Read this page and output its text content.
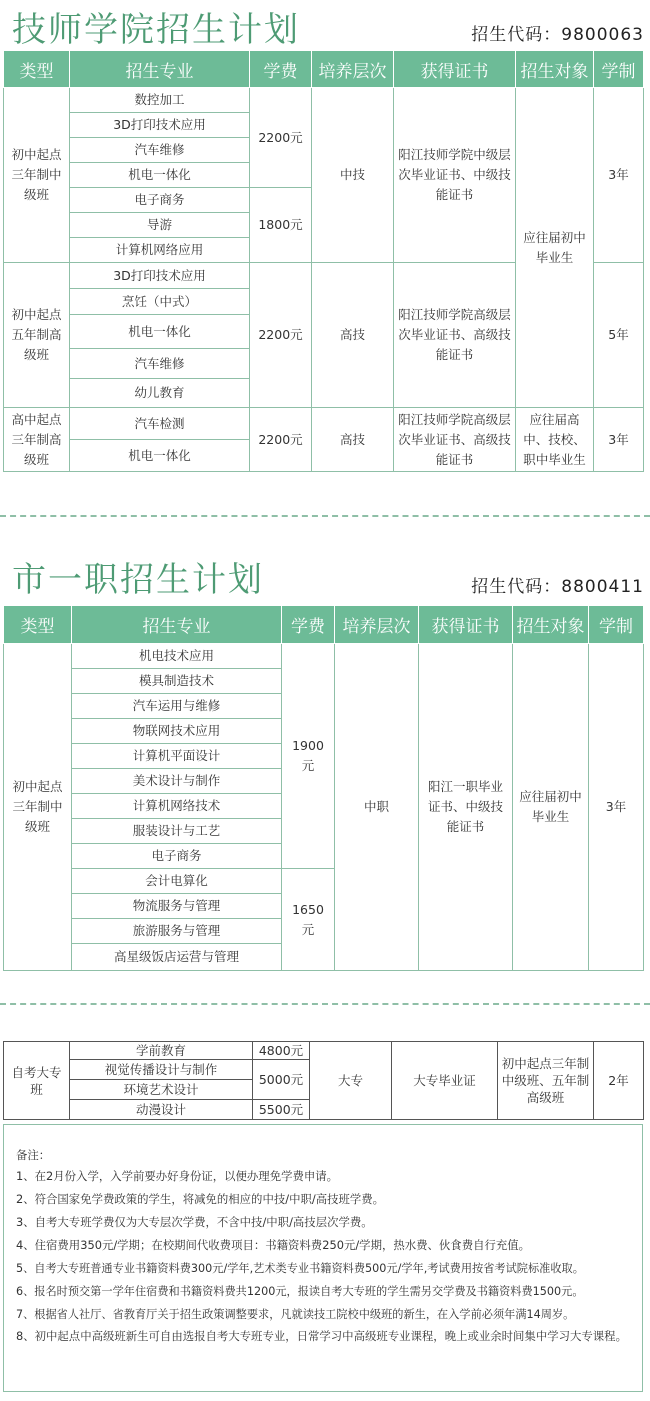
技师学院招生计划	招生代码：9800063
类型	招生专业	学费	培养层次	获得证书	招生对象	学制
初中起点三年制中级班	数控加工	2200元	中技	阳江技师学院中级层次毕业证书、中级技能证书	应往届初中毕业生	3年
	3D打印技术应用					
	汽车维修					
	机电一体化					
	电子商务	1800元				
	导游					
	计算机网络应用					
初中起点五年制高级班	3D打印技术应用	2200元	高技	阳江技师学院高级层次毕业证书、高级技能证书		5年
	烹饪（中式）					
	机电一体化					
	汽车维修					
	幼儿教育					
高中起点三年制高级班	汽车检测	2200元	高技	阳江技师学院高级层次毕业证书、高级技能证书	应往届高中、技校、职中毕业生	3年
	机电一体化					
市一职招生计划	招生代码：8800411
类型	招生专业	学费	培养层次	获得证书	招生对象	学制
初中起点三年制中级班	机电技术应用	1900元	中职	阳江一职毕业证书、中级技能证书	应往届初中毕业生	3年
	模具制造技术					
	汽车运用与维修					
	物联网技术应用					
	计算机平面设计					
	美术设计与制作					
	计算机网络技术					
	服装设计与工艺					
	电子商务					
	会计电算化	1650元				
	物流服务与管理					
	旅游服务与管理					
	高星级饭店运营与管理					
自考大专班	学前教育	4800元	大专	大专毕业证	初中起点三年制中级班、五年制高级班	2年
	视觉传播设计与制作	5000元				
	环境艺术设计					
	动漫设计	5500元				
备注：
1、在2月份入学，入学前要办好身份证，以便办理免学费申请。
2、符合国家免学费政策的学生，将减免的相应的中技/中职/高技班学费。
3、自考大专班学费仅为大专层次学费，不含中技/中职/高技层次学费。
4、住宿费用350元/学期；在校期间代收费项目：书籍资料费250元/学期，热水费、伙食费自行充值。
5、自考大专班普通专业书籍资料费300元/学年,艺术类专业书籍资料费500元/学年,考试费用按省考试院标准收取。
6、报名时预交第一学年住宿费和书籍资料费共1200元，报读自考大专班的学生需另交学费及书籍资料费1500元。
7、根据省人社厅、省教育厅关于招生政策调整要求，凡就读技工院校中级班的新生，在入学前必须年满14周岁。
8、初中起点中高级班新生可自由选报自考大专班专业，日常学习中高级班专业课程，晚上或业余时间集中学习大专课程。
